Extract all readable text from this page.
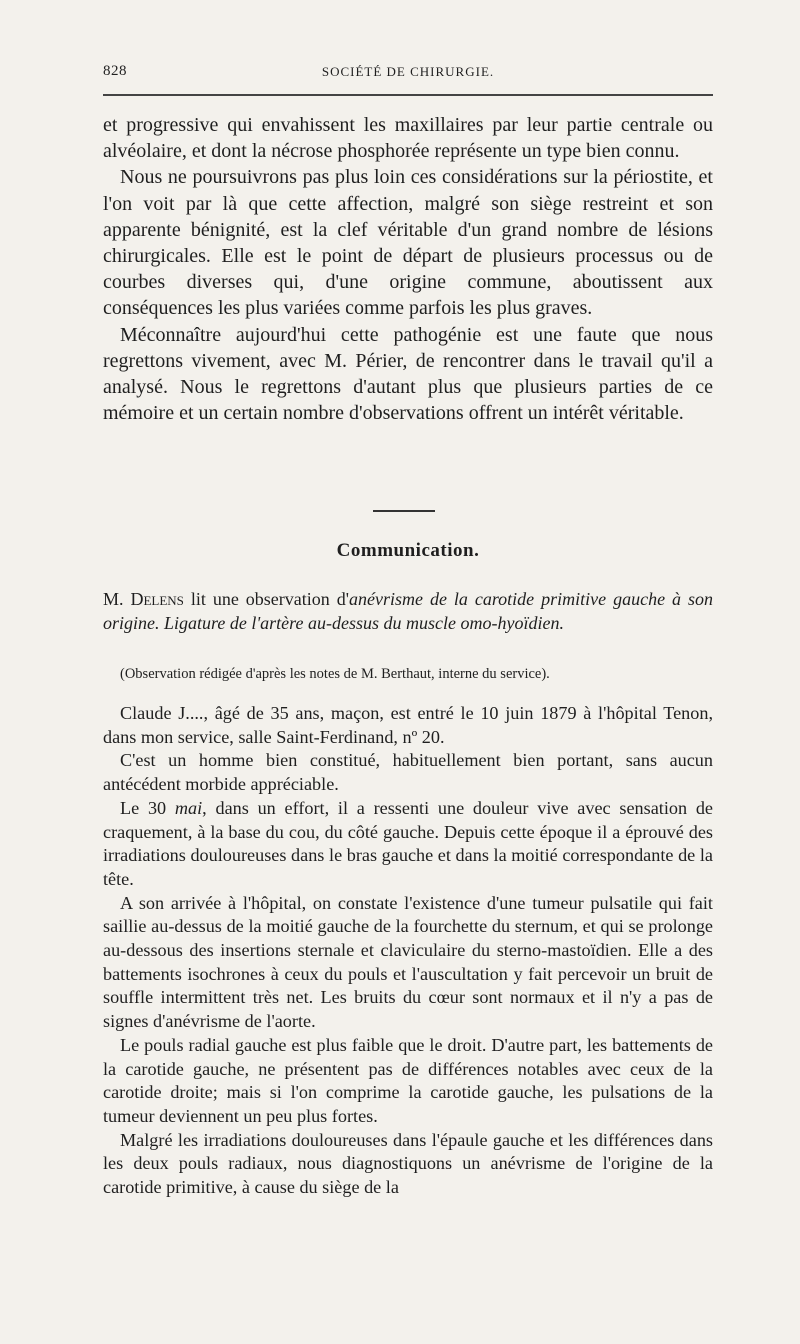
828	SOCIÉTÉ DE CHIRURGIE.

et progressive qui envahissent les maxillaires par leur partie centrale ou alvéolaire, et dont la nécrose phosphorée représente un type bien connu.

Nous ne poursuivrons pas plus loin ces considérations sur la périostite, et l'on voit par là que cette affection, malgré son siège restreint et son apparente bénignité, est la clef véritable d'un grand nombre de lésions chirurgicales. Elle est le point de départ de plusieurs processus ou de courbes diverses qui, d'une origine commune, aboutissent aux conséquences les plus variées comme parfois les plus graves.

Méconnaître aujourd'hui cette pathogénie est une faute que nous regrettons vivement, avec M. Périer, de rencontrer dans le travail qu'il a analysé. Nous le regrettons d'autant plus que plusieurs parties de ce mémoire et un certain nombre d'observations offrent un intérêt véritable.

Communication.

M. Delens lit une observation d'anévrisme de la carotide primitive gauche à son origine. Ligature de l'artère au-dessus du muscle omo-hyoïdien.

(Observation rédigée d'après les notes de M. Berthaut, interne du service).

Claude J...., âgé de 35 ans, maçon, est entré le 10 juin 1879 à l'hôpital Tenon, dans mon service, salle Saint-Ferdinand, nº 20.

C'est un homme bien constitué, habituellement bien portant, sans aucun antécédent morbide appréciable.

Le 30 mai, dans un effort, il a ressenti une douleur vive avec sensation de craquement, à la base du cou, du côté gauche. Depuis cette époque il a éprouvé des irradiations douloureuses dans le bras gauche et dans la moitié correspondante de la tête.

A son arrivée à l'hôpital, on constate l'existence d'une tumeur pulsatile qui fait saillie au-dessus de la moitié gauche de la fourchette du sternum, et qui se prolonge au-dessous des insertions sternale et claviculaire du sterno-mastoïdien. Elle a des battements isochrones à ceux du pouls et l'auscultation y fait percevoir un bruit de souffle intermittent très net. Les bruits du cœur sont normaux et il n'y a pas de signes d'anévrisme de l'aorte.

Le pouls radial gauche est plus faible que le droit. D'autre part, les battements de la carotide gauche, ne présentent pas de différences notables avec ceux de la carotide droite; mais si l'on comprime la carotide gauche, les pulsations de la tumeur deviennent un peu plus fortes.

Malgré les irradiations douloureuses dans l'épaule gauche et les différences dans les deux pouls radiaux, nous diagnostiquons un anévrisme de l'origine de la carotide primitive, à cause du siège de la
